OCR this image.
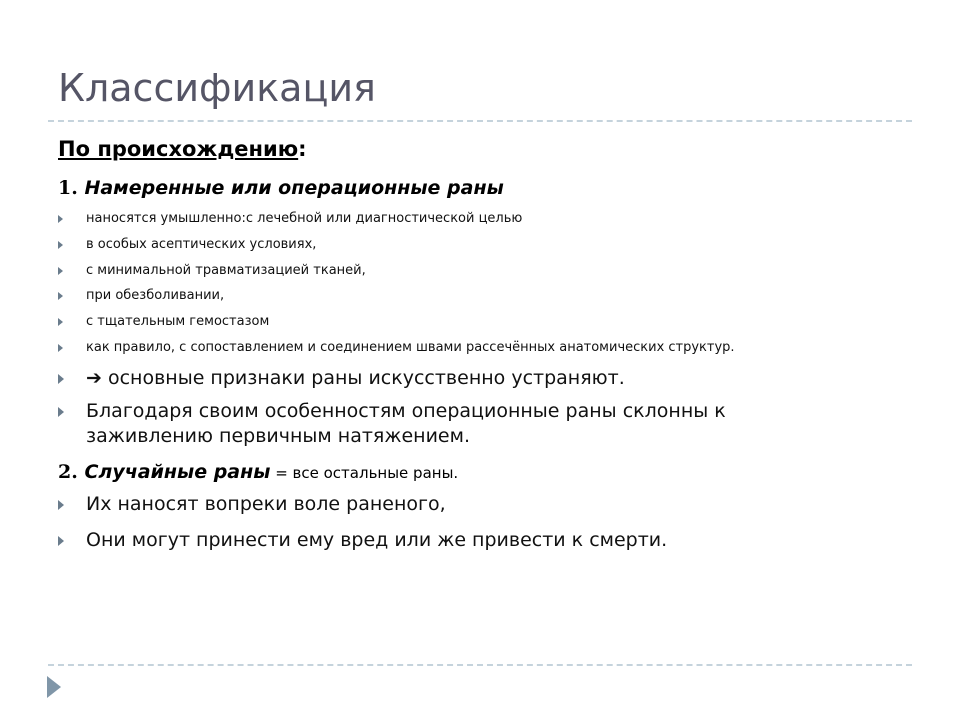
Классификация
По происхождению:
1. Намеренные или операционные раны
наносятся умышленно:с лечебной или диагностической целью
в особых асептических условиях,
с минимальной травматизацией тканей,
при обезболивании,
с тщательным гемостазом
как правило, с сопоставлением и соединением швами рассечённых анатомических структур.
➔ основные признаки раны искусственно устраняют.
Благодаря своим особенностям операционные раны склонны к
заживлению первичным натяжением.
2. Случайные раны = все остальные раны.
Их наносят вопреки воле раненого,
Они могут принести ему вред или же привести к смерти.
